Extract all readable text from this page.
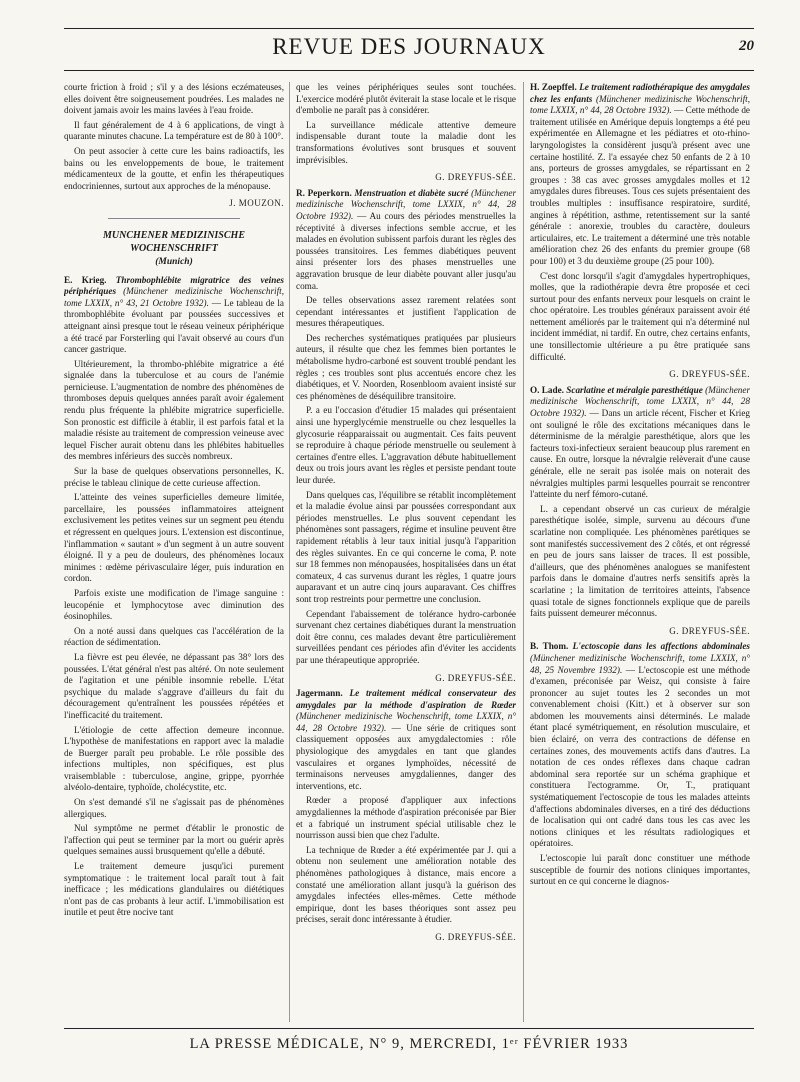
REVUE DES JOURNAUX	20

courte friction à froid ; s'il y a des lésions eczémateuses, elles doivent être soigneusement poudrées. Les malades ne doivent jamais avoir les mains lavées à l'eau froide.

Il faut généralement de 4 à 6 applications, de vingt à quarante minutes chacune. La température est de 80 à 100°.

On peut associer à cette cure les bains radioactifs, les bains ou les enveloppements de boue, le traitement médicamenteux de la goutte, et enfin les thérapeutiques endocriniennes, surtout aux approches de la ménopause.

J. MOUZON.
MUNCHENER MEDIZINISCHE WOCHENSCHRIFT
(Munich)

E. Krieg. Thrombophlébite migratrice des veines périphériques (Münchener medizinische Wochenschrift, tome LXXIX, n° 43, 21 Octobre 1932). — Le tableau de la thrombophlébite évoluant par poussées successives et atteignant ainsi presque tout le réseau veineux périphérique a été tracé par Forsterling qui l'avait observé au cours d'un cancer gastrique.

Ultérieurement, la thrombo-phlébite migratrice a été signalée dans la tuberculose et au cours de l'anémie pernicieuse. L'augmentation de nombre des phénomènes de thromboses depuis quelques années paraît avoir également rendu plus fréquente la phlébite migratrice superficielle. Son pronostic est difficile à établir, il est parfois fatal et la maladie résiste au traitement de compression veineuse avec lequel Fischer aurait obtenu dans les phlébites habituelles des membres inférieurs des succès nombreux.

Sur la base de quelques observations personnelles, K. précise le tableau clinique de cette curieuse affection.

L'atteinte des veines superficielles demeure limitée, parcellaire, les poussées inflammatoires atteignent exclusivement les petites veines sur un segment peu étendu et régressent en quelques jours. L'extension est discontinue, l'inflammation « sautant » d'un segment à un autre souvent éloigné. Il y a peu de douleurs, des phénomènes locaux minimes : œdème périvasculaire léger, puis induration en cordon.

Parfois existe une modification de l'image sanguine : leucopénie et lymphocytose avec diminution des éosinophiles.

On a noté aussi dans quelques cas l'accélération de la réaction de sédimentation.

La fièvre est peu élevée, ne dépassant pas 38° lors des poussées. L'état général n'est pas altéré. On note seulement de l'agitation et une pénible insomnie rebelle. L'état psychique du malade s'aggrave d'ailleurs du fait du découragement qu'entraînent les poussées répétées et l'inefficacité du traitement.

L'étiologie de cette affection demeure inconnue. L'hypothèse de manifestations en rapport avec la maladie de Buerger paraît peu probable. Le rôle possible des infections multiples, non spécifiques, est plus vraisemblable : tuberculose, angine, grippe, pyorrhée alvéolo-dentaire, typhoïde, cholécystite, etc.

On s'est demandé s'il ne s'agissait pas de phénomènes allergiques.

Nul symptôme ne permet d'établir le pronostic de l'affection qui peut se terminer par la mort ou guérir après quelques semaines aussi brusquement qu'elle a débuté.

Le traitement demeure jusqu'ici purement symptomatique : le traitement local paraît tout à fait inefficace ; les médications glandulaires ou diététiques n'ont pas de cas probants à leur actif. L'immobilisation est inutile et peut être nocive tant

que les veines périphériques seules sont touchées. L'exercice modéré plutôt éviterait la stase locale et le risque d'embolie ne paraît pas à considérer.

La surveillance médicale attentive demeure indispensable durant toute la maladie dont les transformations évolutives sont brusques et souvent imprévisibles.

G. DREYFUS-SÉE.

R. Peperkorn. Menstruation et diabète sucré (Münchener medizinische Wochenschrift, tome LXXIX, n° 44, 28 Octobre 1932). — Au cours des périodes menstruelles la réceptivité à diverses infections semble accrue, et les malades en évolution subissent parfois durant les règles des poussées transitoires. Les femmes diabétiques peuvent ainsi présenter lors des phases menstruelles une aggravation brusque de leur diabète pouvant aller jusqu'au coma.

De telles observations assez rarement relatées sont cependant intéressantes et justifient l'application de mesures thérapeutiques.

Des recherches systématiques pratiquées par plusieurs auteurs, il résulte que chez les femmes bien portantes le métabolisme hydro-carboné est souvent troublé pendant les règles ; ces troubles sont plus accentués encore chez les diabétiques, et V. Noorden, Rosenbloom avaient insisté sur ces phénomènes de déséquilibre transitoire.

P. a eu l'occasion d'étudier 15 malades qui présentaient ainsi une hyperglycémie menstruelle ou chez lesquelles la glycosurie réapparaissait ou augmentait. Ces faits peuvent se reproduire à chaque période menstruelle ou seulement à certaines d'entre elles. L'aggravation débute habituellement deux ou trois jours avant les règles et persiste pendant toute leur durée.

Dans quelques cas, l'équilibre se rétablit incomplètement et la maladie évolue ainsi par poussées correspondant aux périodes menstruelles. Le plus souvent cependant les phénomènes sont passagers, régime et insuline peuvent être rapidement rétablis à leur taux initial jusqu'à l'apparition des règles suivantes. En ce qui concerne le coma, P. note sur 18 femmes non ménopausées, hospitalisées dans un état comateux, 4 cas survenus durant les règles, 1 quatre jours auparavant et un autre cinq jours auparavant. Ces chiffres sont trop restreints pour permettre une conclusion.

Cependant l'abaissement de tolérance hydro-carbonée survenant chez certaines diabétiques durant la menstruation doit être connu, ces malades devant être particulièrement surveillées pendant ces périodes afin d'éviter les accidents par une thérapeutique appropriée.

G. DREYFUS-SÉE.

Jagermann. Le traitement médical conservateur des amygdales par la méthode d'aspiration de Rœder (Münchener medizinische Wochenschrift, tome LXXIX, n° 44, 28 Octobre 1932). — Une série de critiques sont classiquement opposées aux amygdalectomies : rôle physiologique des amygdales en tant que glandes vasculaires et organes lymphoïdes, nécessité de terminaisons nerveuses amygdaliennes, danger des interventions, etc.

Rœder a proposé d'appliquer aux infections amygdaliennes la méthode d'aspiration préconisée par Bier et a fabriqué un instrument spécial utilisable chez le nourrisson aussi bien que chez l'adulte.

La technique de Rœder a été expérimentée par J. qui a obtenu non seulement une amélioration notable des phénomènes pathologiques à distance, mais encore a constaté une amélioration allant jusqu'à la guérison des amygdales infectées elles-mêmes. Cette méthode empirique, dont les bases théoriques sont assez peu précises, serait donc intéressante à étudier.

G. DREYFUS-SÉE.

H. Zoepffel. Le traitement radiothérapique des amygdales chez les enfants (Münchener medizinische Wochenschrift, tome LXXIX, n° 44, 28 Octobre 1932). — Cette méthode de traitement utilisée en Amérique depuis longtemps a été peu expérimentée en Allemagne et les pédiatres et oto-rhino-laryngologistes la considèrent jusqu'à présent avec une certaine hostilité. Z. l'a essayée chez 50 enfants de 2 à 10 ans, porteurs de grosses amygdales, se répartissant en 2 groupes : 38 cas avec grosses amygdales molles et 12 amygdales dures fibreuses. Tous ces sujets présentaient des troubles multiples : insuffisance respiratoire, surdité, angines à répétition, asthme, retentissement sur la santé générale : anorexie, troubles du caractère, douleurs articulaires, etc. Le traitement a déterminé une très notable amélioration chez 26 des enfants du premier groupe (68 pour 100) et 3 du deuxième groupe (25 pour 100).

C'est donc lorsqu'il s'agit d'amygdales hypertrophiques, molles, que la radiothérapie devra être proposée et ceci surtout pour des enfants nerveux pour lesquels on craint le choc opératoire. Les troubles généraux paraissent avoir été nettement améliorés par le traitement qui n'a déterminé nul incident immédiat, ni tardif. En outre, chez certains enfants, une tonsillectomie ultérieure a pu être pratiquée sans difficulté.

G. DREYFUS-SÉE.

O. Lade. Scarlatine et méralgie paresthétique (Münchener medizinische Wochenschrift, tome LXXIX, n° 44, 28 Octobre 1932). — Dans un article récent, Fischer et Krieg ont souligné le rôle des excitations mécaniques dans le déterminisme de la méralgie paresthétique, alors que les facteurs toxi-infectieux seraient beaucoup plus rarement en cause. En outre, lorsque la névralgie relèverait d'une cause générale, elle ne serait pas isolée mais on noterait des névralgies multiples parmi lesquelles pourrait se rencontrer l'atteinte du nerf fémoro-cutané.

L. a cependant observé un cas curieux de méralgie paresthétique isolée, simple, survenu au décours d'une scarlatine non compliquée. Les phénomènes parétiques se sont manifestés successivement des 2 côtés, et ont régressé en peu de jours sans laisser de traces. Il est possible, d'ailleurs, que des phénomènes analogues se manifestent parfois dans le domaine d'autres nerfs sensitifs après la scarlatine ; la limitation de territoires atteints, l'absence quasi totale de signes fonctionnels explique que de pareils faits puissent demeurer méconnus.

G. DREYFUS-SÉE.

B. Thom. L'ectoscopie dans les affections abdominales (Münchener medizinische Wochenschrift, tome LXXIX, n° 48, 25 Novembre 1932). — L'ectoscopie est une méthode d'examen, préconisée par Weisz, qui consiste à faire prononcer au sujet toutes les 2 secondes un mot convenablement choisi (Kitt.) et à observer sur son abdomen les mouvements ainsi déterminés. Le malade étant placé symétriquement, en résolution musculaire, et bien éclairé, on verra des contractions de défense en certaines zones, des mouvements actifs dans d'autres. La notation de ces ondes réflexes dans chaque cadran abdominal sera reportée sur un schéma graphique et constituera l'ectogramme. Or, T., pratiquant systématiquement l'ectoscopie de tous les malades atteints d'affections abdominales diverses, en a tiré des déductions de localisation qui ont cadré dans tous les cas avec les notions cliniques et les résultats radiologiques et opératoires.

L'ectoscopie lui paraît donc constituer une méthode susceptible de fournir des notions cliniques importantes, surtout en ce qui concerne le diagnos-

LA PRESSE MÉDICALE, N° 9, MERCREDI, 1ᵉʳ FÉVRIER 1933
